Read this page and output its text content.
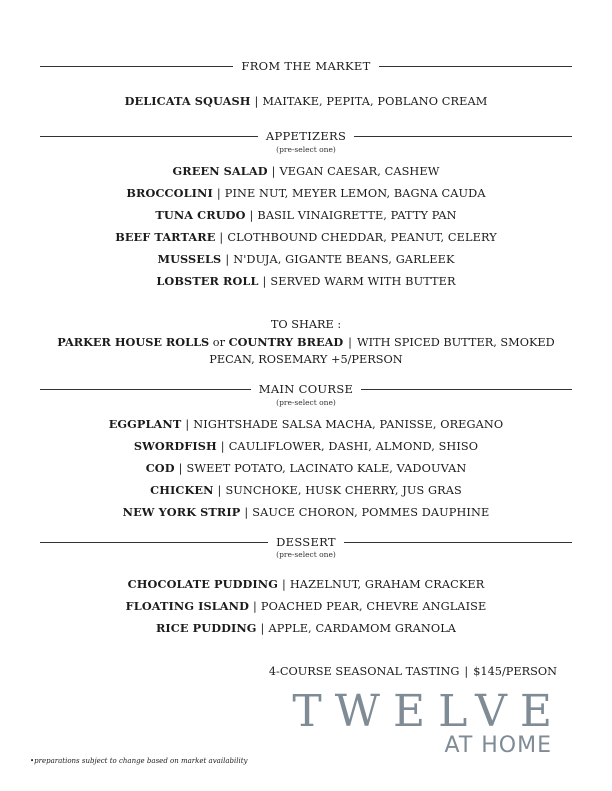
FROM THE MARKET
DELICATA SQUASH | MAITAKE, PEPITA, POBLANO CREAM
APPETIZERS
(pre-select one)
GREEN SALAD | VEGAN CAESAR, CASHEW
BROCCOLINI | PINE NUT, MEYER LEMON, BAGNA CAUDA
TUNA CRUDO | BASIL VINAIGRETTE, PATTY PAN
BEEF TARTARE | CLOTHBOUND CHEDDAR, PEANUT, CELERY
MUSSELS | N'DUJA, GIGANTE BEANS, GARLEEK
LOBSTER ROLL | SERVED WARM WITH BUTTER
TO SHARE :
PARKER HOUSE ROLLS or COUNTRY BREAD | WITH SPICED BUTTER, SMOKED PECAN, ROSEMARY +5/PERSON
MAIN COURSE
(pre-select one)
EGGPLANT | NIGHTSHADE SALSA MACHA, PANISSE, OREGANO
SWORDFISH | CAULIFLOWER, DASHI, ALMOND, SHISO
COD | SWEET POTATO, LACINATO KALE, VADOUVAN
CHICKEN | SUNCHOKE, HUSK CHERRY, JUS GRAS
NEW YORK STRIP | SAUCE CHORON, POMMES DAUPHINE
DESSERT
(pre-select one)
CHOCOLATE PUDDING | HAZELNUT, GRAHAM CRACKER
FLOATING ISLAND | POACHED PEAR, CHEVRE ANGLAISE
RICE PUDDING | APPLE, CARDAMOM GRANOLA
4-COURSE SEASONAL TASTING | $145/PERSON
TWELVE
AT HOME
•preparations subject to change based on market availability
